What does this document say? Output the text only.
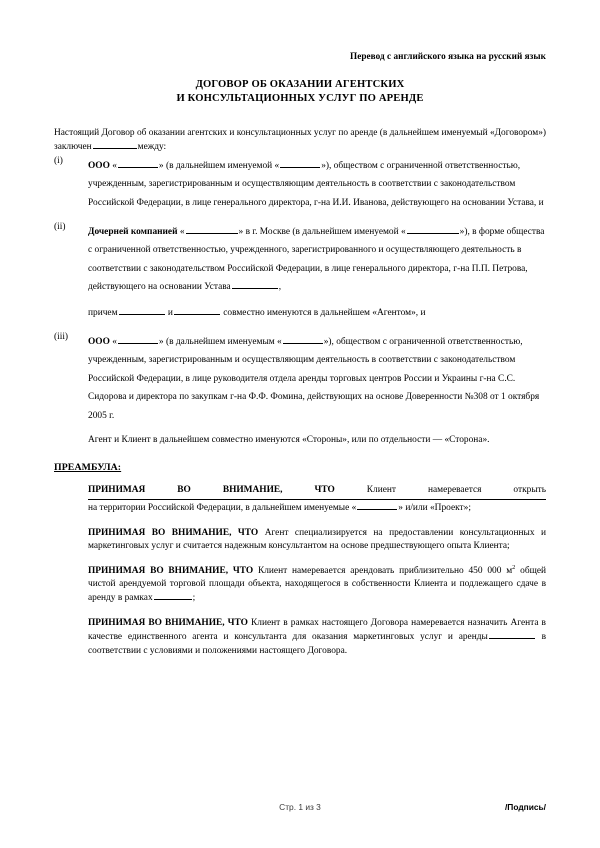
Перевод с английского языка на русский язык
ДОГОВОР ОБ ОКАЗАНИИ АГЕНТСКИХ
И КОНСУЛЬТАЦИОННЫХ УСЛУГ ПО АРЕНДЕ

Настоящий Договор об оказании агентских и консультационных услуг по аренде (в дальнейшем именуемый «Договором») заключен	между:

(i)	ООО «	» (в дальнейшем именуемой «	»), обществом с ограниченной ответственностью, учрежденным, зарегистрированным и осуществляющим деятельность в соответствии с законодательством Российской Федерации, в лице генерального директора, г-на И.И. Иванова, действующего на основании Устава, и
(ii)	Дочерней компанией «	» в г. Москве (в дальнейшем именуемой «	»), в форме общества с ограниченной ответственностью, учрежденного, зарегистрированного и осуществляющего деятельность в соответствии с законодательством Российской Федерации, в лице генерального директора, г-на П.П. Петрова, действующего на основании Устава	,
причем	и	совместно именуются в дальнейшем «Агентом», и
(iii)	ООО «	» (в дальнейшем именуемым «	»), обществом с ограниченной ответственностью, учрежденным, зарегистрированным и осуществляющим деятельность в соответствии с законодательством Российской Федерации, в лице руководителя отдела аренды торговых центров России и Украины г-на С.С. Сидорова и директора по закупкам г-на Ф.Ф. Фомина, действующих на основе Доверенности №308 от 1 октября 2005 г.
Агент и Клиент в дальнейшем совместно именуются «Стороны», или по отдельности — «Сторона».
ПРЕАМБУЛА:
ПРИНИМАЯ ВО ВНИМАНИЕ, ЧТО	Клиент намеревается открыть
на территории Российской Федерации, в дальнейшем именуемые «	» и/или «Проект»;
ПРИНИМАЯ ВО ВНИМАНИЕ, ЧТО Агент специализируется на предоставлении консультационных и маркетинговых услуг и считается надежным консультантом на основе предшествующего опыта Клиента;
ПРИНИМАЯ ВО ВНИМАНИЕ, ЧТО Клиент намеревается арендовать приблизительно 450 000 $м^2$ общей чистой арендуемой торговой площади объекта, находящегося в собственности Клиента и подлежащего сдаче в аренду в рамках	;
ПРИНИМАЯ ВО ВНИМАНИЕ, ЧТО Клиент в рамках настоящего Договора намеревается назначить Агента в качестве единственного агента и консультанта для оказания маркетинговых услуг и аренды	в соответствии с условиями и положениями настоящего Договора.
Стр. 1 из 3	/Подпись/
